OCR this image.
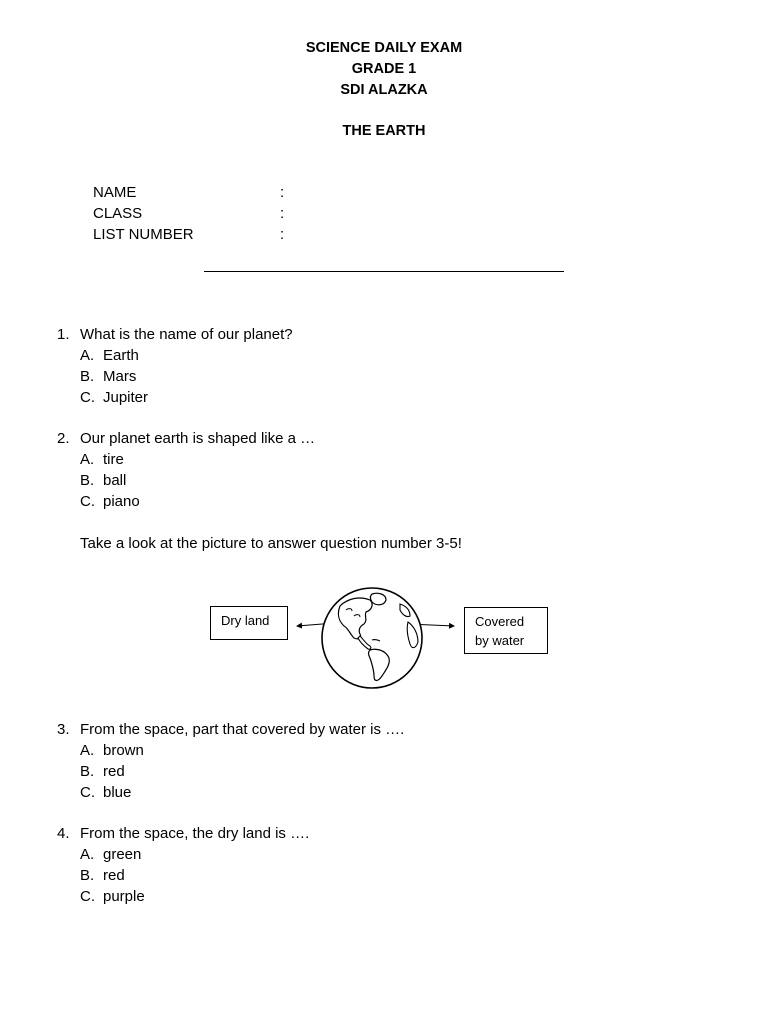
SCIENCE DAILY EXAM
GRADE 1
SDI ALAZKA
THE EARTH
NAME	:
CLASS	:
LIST NUMBER	:
1. What is the name of our planet?
A. Earth
B. Mars
C. Jupiter
2. Our planet earth is shaped like a …
A. tire
B. ball
C. piano
Take a look at the picture to answer question number 3-5!
Dry land	Covered
by water
3. From the space, part that covered by water is ….
A. brown
B. red
C. blue
4. From the space, the dry land is ….
A. green
B. red
C. purple
